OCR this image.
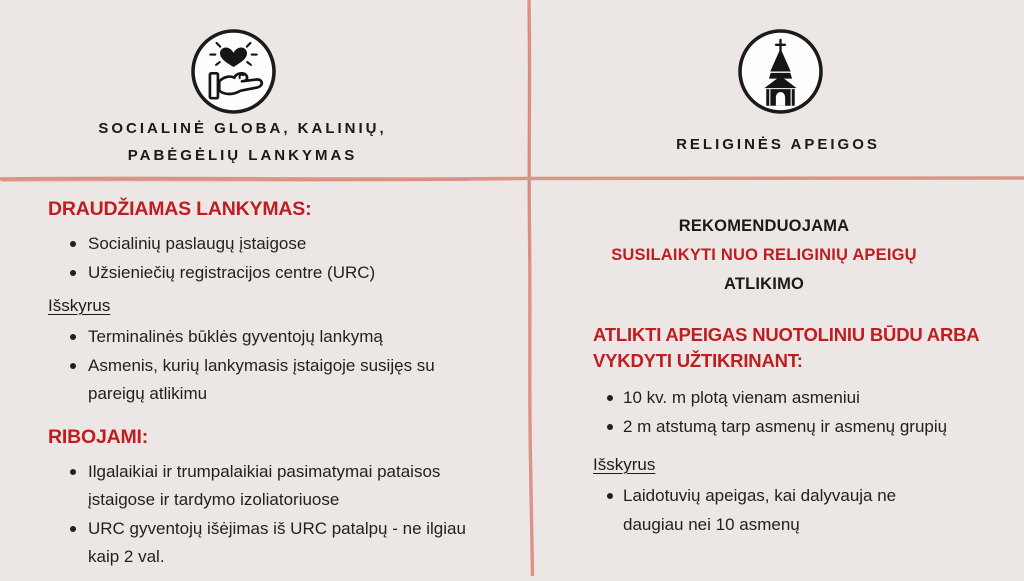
SOCIALINĖ GLOBA, KALINIŲ,
PABĖGĖLIŲ LANKYMAS
RELIGINĖS APEIGOS
DRAUDŽIAMAS LANKYMAS:
Socialinių paslaugų įstaigose
Užsieniečių registracijos centre (URC)
Išskyrus
Terminalinės būklės gyventojų lankymą
Asmenis, kurių lankymasis įstaigoje susijęs su pareigų atlikimu
RIBOJAMI:
Ilgalaikiai ir trumpalaikiai pasimatymai pataisos įstaigose ir tardymo izoliatoriuose
URC gyventojų išėjimas iš URC patalpų - ne ilgiau kaip 2 val.
REKOMENDUOJAMA
SUSILAIKYTI NUO RELIGINIŲ APEIGŲ
ATLIKIMO
ATLIKTI APEIGAS NUOTOLINIU BŪDU ARBA
VYKDYTI UŽTIKRINANT:
10 kv. m plotą vienam asmeniui
2 m atstumą tarp asmenų ir asmenų grupių
Išskyrus
Laidotuvių apeigas, kai dalyvauja ne daugiau nei 10 asmenų
